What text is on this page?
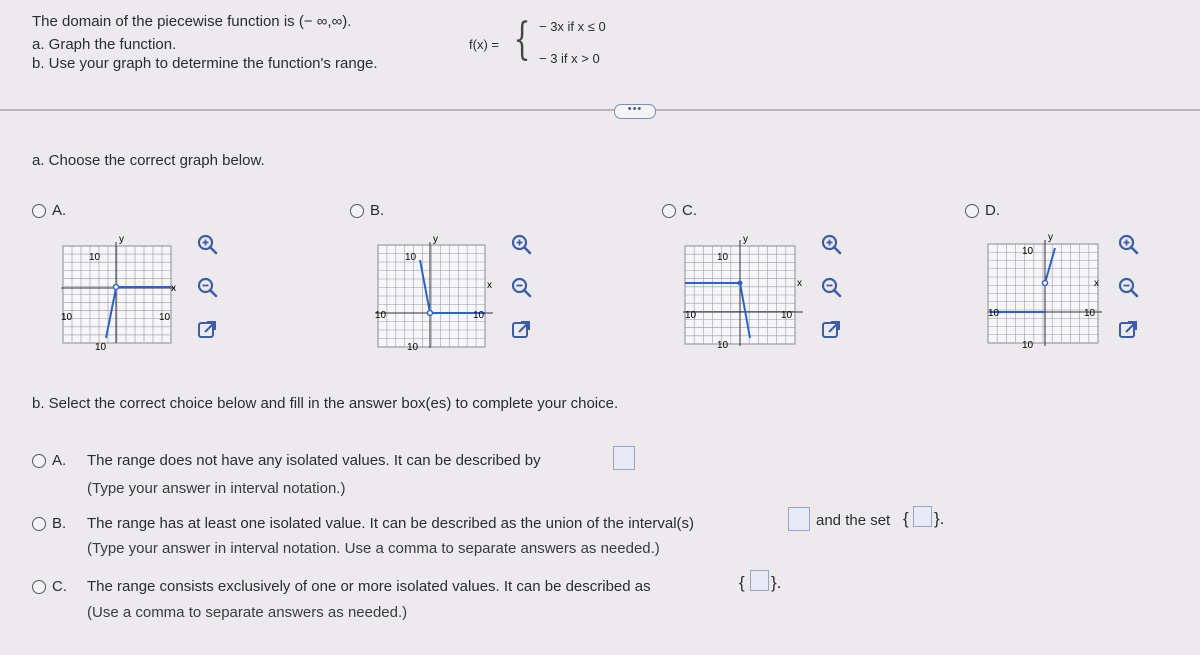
The domain of the piecewise function is (− ∞,∞).
a. Graph the function.
b. Use your graph to determine the function's range.
f(x) = { − 3x if x ≤ 0
− 3 if x > 0
•••
a. Choose the correct graph below.
A.
y
10
10
10	10
x
B.
y
10
10
10	10
x
C.
y
10
10
10	10
x
D.
y
10
10
10	10
x
b. Select the correct choice below and fill in the answer box(es) to complete your choice.
A. The range does not have any isolated values. It can be described by
(Type your answer in interval notation.)
B. The range has at least one isolated value. It can be described as the union of the interval(s)	and the set { }.
(Type your answer in interval notation. Use a comma to separate answers as needed.)
C. The range consists exclusively of one or more isolated values. It can be described as	{ }.
(Use a comma to separate answers as needed.)
